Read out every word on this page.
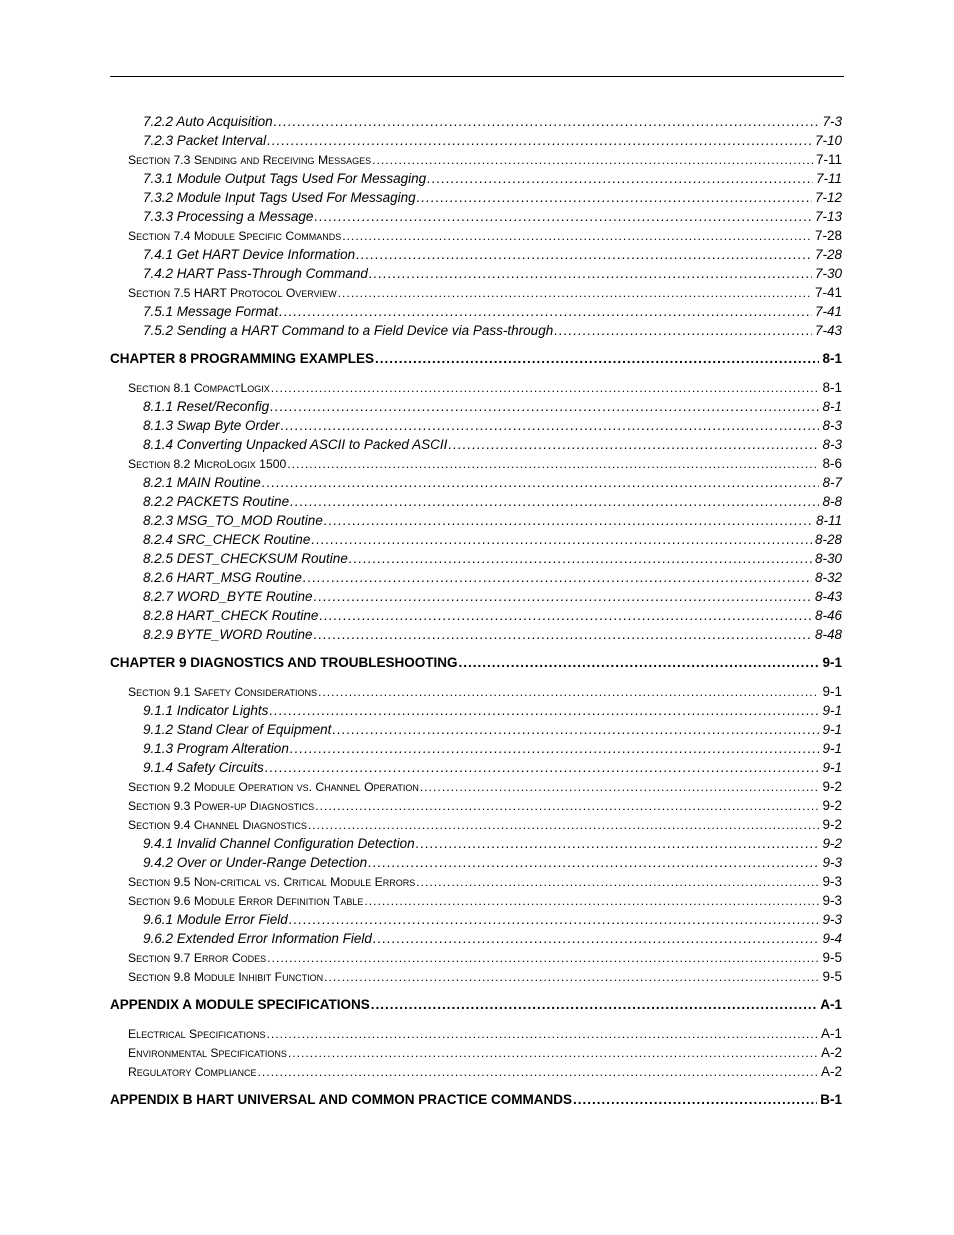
7.2.2 Auto Acquisition .....	7-3
7.2.3 Packet Interval .....	7-10
Section 7.3 Sending and Receiving Messages .....	7-11
7.3.1 Module Output Tags Used For Messaging .....	7-11
7.3.2 Module Input Tags Used For Messaging .....	7-12
7.3.3 Processing a Message .....	7-13
Section 7.4 Module Specific Commands .....	7-28
7.4.1 Get HART Device Information .....	7-28
7.4.2 HART Pass-Through Command .....	7-30
Section 7.5 HART Protocol Overview .....	7-41
7.5.1 Message Format .....	7-41
7.5.2 Sending a HART Command to a Field Device via Pass-through .....	7-43
CHAPTER 8 PROGRAMMING EXAMPLES .....	8-1
Section 8.1 CompactLogix .....	8-1
8.1.1 Reset/Reconfig .....	8-1
8.1.3 Swap Byte Order .....	8-3
8.1.4 Converting Unpacked ASCII to Packed ASCII .....	8-3
Section 8.2 MicroLogix 1500 .....	8-6
8.2.1 MAIN Routine .....	8-7
8.2.2 PACKETS Routine .....	8-8
8.2.3 MSG_TO_MOD Routine .....	8-11
8.2.4 SRC_CHECK Routine .....	8-28
8.2.5 DEST_CHECKSUM Routine .....	8-30
8.2.6 HART_MSG Routine .....	8-32
8.2.7 WORD_BYTE Routine .....	8-43
8.2.8 HART_CHECK Routine .....	8-46
8.2.9 BYTE_WORD Routine .....	8-48
CHAPTER 9 DIAGNOSTICS AND TROUBLESHOOTING .....	9-1
Section 9.1 Safety Considerations .....	9-1
9.1.1 Indicator Lights .....	9-1
9.1.2 Stand Clear of Equipment .....	9-1
9.1.3 Program Alteration .....	9-1
9.1.4 Safety Circuits .....	9-1
Section 9.2 Module Operation vs. Channel Operation .....	9-2
Section 9.3 Power-up Diagnostics .....	9-2
Section 9.4 Channel Diagnostics .....	9-2
9.4.1 Invalid Channel Configuration Detection .....	9-2
9.4.2 Over or Under-Range Detection .....	9-3
Section 9.5 Non-critical vs. Critical Module Errors .....	9-3
Section 9.6 Module Error Definition Table .....	9-3
9.6.1 Module Error Field .....	9-3
9.6.2 Extended Error Information Field .....	9-4
Section 9.7 Error Codes .....	9-5
Section 9.8 Module Inhibit Function .....	9-5
APPENDIX A MODULE SPECIFICATIONS .....	A-1
Electrical Specifications .....	A-1
Environmental Specifications .....	A-2
Regulatory Compliance .....	A-2
APPENDIX B HART UNIVERSAL AND COMMON PRACTICE COMMANDS .....	B-1
